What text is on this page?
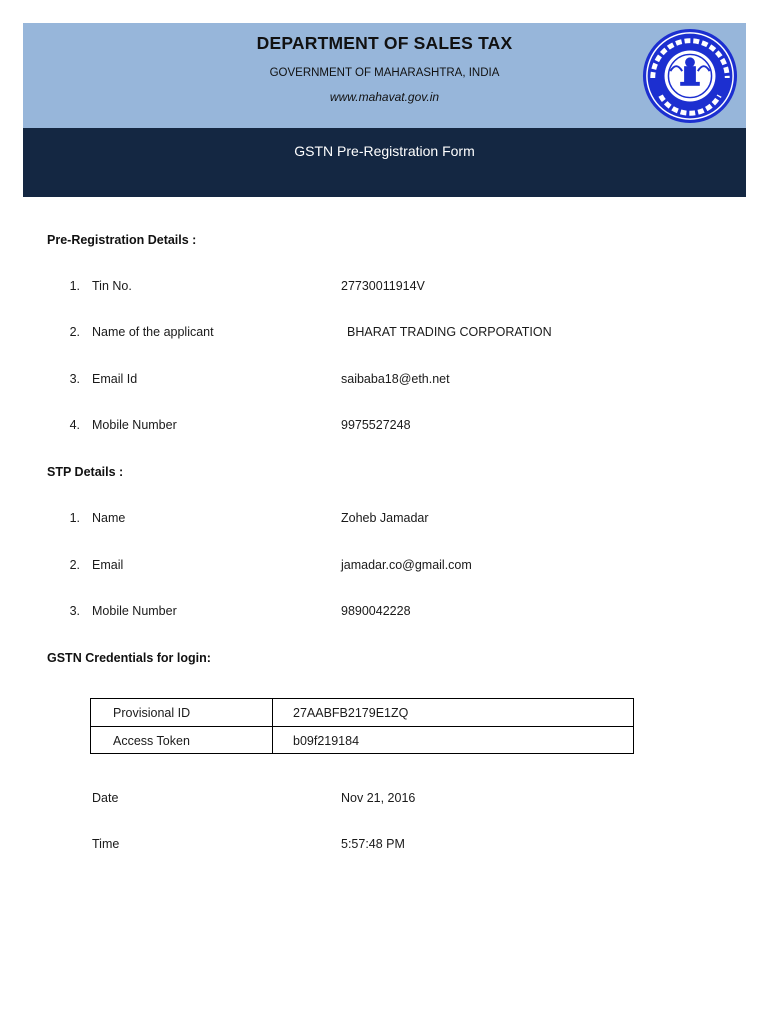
DEPARTMENT OF SALES TAX
GOVERNMENT OF MAHARASHTRA, INDIA
www.mahavat.gov.in
GSTN Pre-Registration Form
Pre-Registration Details :
1. Tin No.	27730011914V
2. Name of the applicant	BHARAT TRADING CORPORATION
3. Email Id	saibaba18@eth.net
4. Mobile Number	9975527248
STP Details :
1. Name	Zoheb Jamadar
2. Email	jamadar.co@gmail.com
3. Mobile Number	9890042228
GSTN Credentials for login:
Provisional ID	27AABFB2179E1ZQ
Access Token	b09f219184
Date	Nov 21, 2016
Time	5:57:48 PM
